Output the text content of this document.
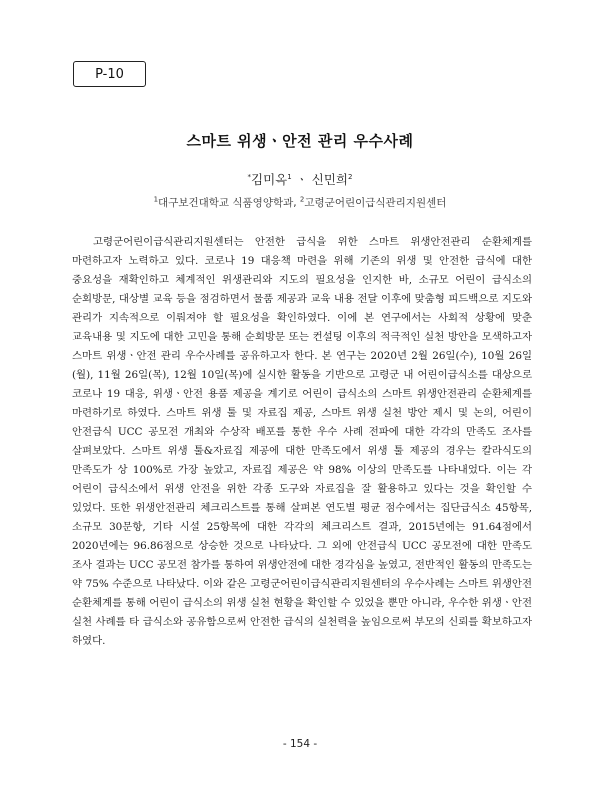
P-10
스마트 위생ㆍ안전 관리 우수사례
*김미옥$^1$ ㆍ 신민희$^2$
$^1$대구보건대학교 식품영양학과, $^2$고령군어린이급식관리지원센터

고령군어린이급식관리지원센터는 안전한 급식을 위한 스마트 위생안전관리 순환체계를 마련하고자 노력하고 있다. 코로나 19 대응책 마련을 위해 기존의 위생 및 안전한 급식에 대한 중요성을 재확인하고 체계적인 위생관리와 지도의 필요성을 인지한 바, 소규모 어린이 급식소의 순회방문, 대상별 교육 등을 점검하면서 물품 제공과 교육 내용 전달 이후에 맞춤형 피드백으로 지도와 관리가 지속적으로 이뤄져야 할 필요성을 확인하였다. 이에 본 연구에서는 사회적 상황에 맞춘 교육내용 및 지도에 대한 고민을 통해 순회방문 또는 컨설팅 이후의 적극적인 실천 방안을 모색하고자 스마트 위생ㆍ안전 관리 우수사례를 공유하고자 한다. 본 연구는 2020년 2월 26일(수), 10월 26일(월), 11월 26일(목), 12월 10일(목)에 실시한 활동을 기반으로 고령군 내 어린이급식소를 대상으로 코로나 19 대응, 위생ㆍ안전 용품 제공을 계기로 어린이 급식소의 스마트 위생안전관리 순환체계를 마련하기로 하였다. 스마트 위생 툴 및 자료집 제공, 스마트 위생 실천 방안 제시 및 논의, 어린이 안전급식 UCC 공모전 개최와 수상작 배포를 통한 우수 사례 전파에 대한 각각의 만족도 조사를 살펴보았다. 스마트 위생 툴&자료집 제공에 대한 만족도에서 위생 툴 제공의 경우는 칼라식도의 만족도가 상 100%로 가장 높았고, 자료집 제공은 약 98% 이상의 만족도를 나타내었다. 이는 각 어린이 급식소에서 위생 안전을 위한 각종 도구와 자료집을 잘 활용하고 있다는 것을 확인할 수 있었다. 또한 위생안전관리 체크리스트를 통해 살펴본 연도별 평균 점수에서는 집단급식소 45항목, 소규모 30문항, 기타 시설 25항목에 대한 각각의 체크리스트 결과, 2015년에는 91.64점에서 2020년에는 96.86점으로 상승한 것으로 나타났다. 그 외에 안전급식 UCC 공모전에 대한 만족도 조사 결과는 UCC 공모전 참가를 통하여 위생안전에 대한 경각심을 높였고, 전반적인 활동의 만족도는 약 75% 수준으로 나타났다. 이와 같은 고령군어린이급식관리지원센터의 우수사례는 스마트 위생안전 순환체계를 통해 어린이 급식소의 위생 실천 현황을 확인할 수 있었을 뿐만 아니라, 우수한 위생ㆍ안전 실천 사례를 타 급식소와 공유함으로써 안전한 급식의 실천력을 높임으로써 부모의 신뢰를 확보하고자 하였다.

- 154 -
